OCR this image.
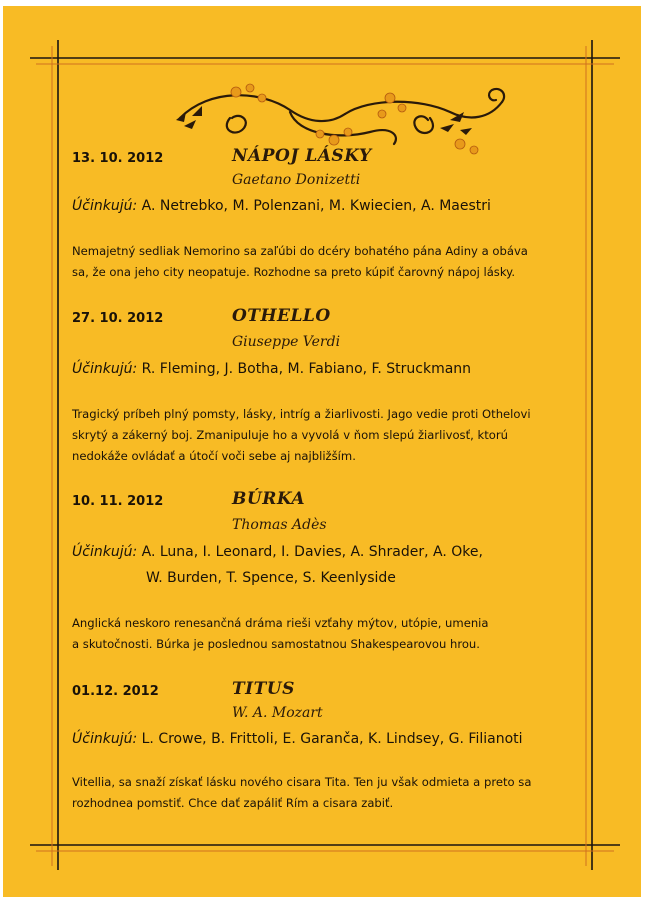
13. 10. 2012	NÁPOJ LÁSKY
Gaetano Donizetti
Účinkujú: A. Netrebko, M. Polenzani, M. Kwiecien, A. Maestri
Nemajetný sedliak Nemorino sa zaľúbi do dcéry bohatého pána Adiny a obáva
sa, že ona jeho city neopatuje. Rozhodne sa preto kúpiť čarovný nápoj lásky.
27. 10. 2012	OTHELLO
Giuseppe Verdi
Účinkujú: R. Fleming, J. Botha, M. Fabiano, F. Struckmann
Tragický príbeh plný pomsty, lásky, intríg a žiarlivosti. Jago vedie proti Othelovi
skrytý a zákerný boj. Zmanipuluje ho a vyvolá v ňom slepú žiarlivosť, ktorú
nedokáže ovládať a útočí voči sebe aj najbližším.
10. 11. 2012	BÚRKA
Thomas Adès
Účinkujú: A. Luna, I. Leonard, I. Davies, A. Shrader, A. Oke,
W. Burden, T. Spence, S. Keenlyside
Anglická neskoro renesančná dráma rieši vzťahy mýtov, utópie, umenia
a skutočnosti. Búrka je poslednou samostatnou Shakespearovou hrou.
01.12. 2012	TITUS
W. A. Mozart
Účinkujú: L. Crowe, B. Frittoli, E. Garanča, K. Lindsey, G. Filianoti
Vitellia, sa snaží získať lásku nového cisara Tita. Ten ju však odmieta a preto sa
rozhodnea pomstiť. Chce dať zapáliť Rím a cisara zabiť.
